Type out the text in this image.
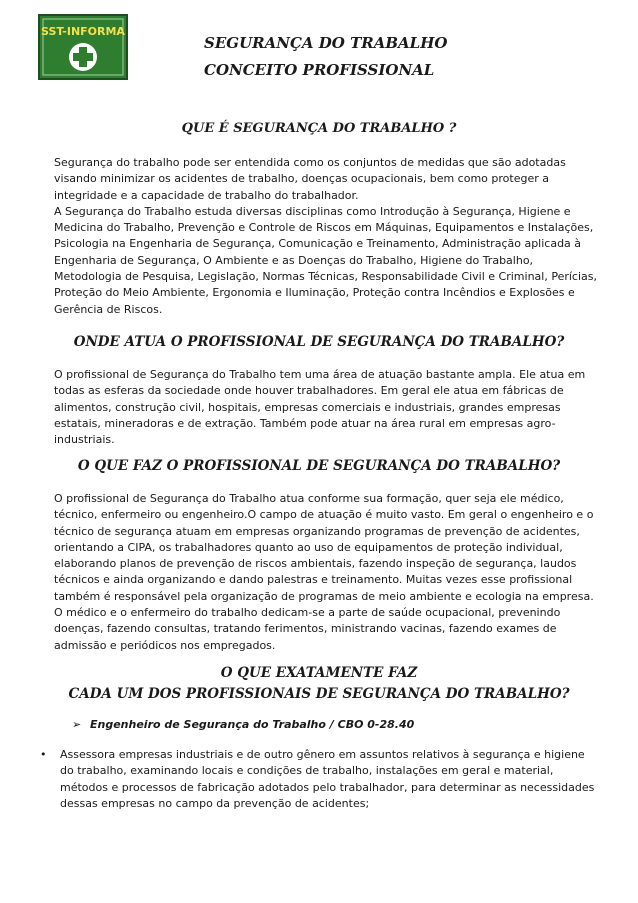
SST-INFORMA
SEGURANÇA DO TRABALHO
CONCEITO PROFISSIONAL
QUE É SEGURANÇA DO TRABALHO ?

Segurança do trabalho pode ser entendida como os conjuntos de medidas que são adotadas visando minimizar os acidentes de trabalho, doenças ocupacionais, bem como proteger a integridade e a capacidade de trabalho do trabalhador.
A Segurança do Trabalho estuda diversas disciplinas como Introdução à Segurança, Higiene e Medicina do Trabalho, Prevenção e Controle de Riscos em Máquinas, Equipamentos e Instalações, Psicologia na Engenharia de Segurança, Comunicação e Treinamento, Administração aplicada à Engenharia de Segurança, O Ambiente e as Doenças do Trabalho, Higiene do Trabalho, Metodologia de Pesquisa, Legislação, Normas Técnicas, Responsabilidade Civil e Criminal, Perícias, Proteção do Meio Ambiente, Ergonomia e Iluminação, Proteção contra Incêndios e Explosões e Gerência de Riscos.

ONDE ATUA O PROFISSIONAL DE SEGURANÇA DO TRABALHO?

O profissional de Segurança do Trabalho tem uma área de atuação bastante ampla. Ele atua em todas as esferas da sociedade onde houver trabalhadores. Em geral ele atua em fábricas de alimentos, construção civil, hospitais, empresas comerciais e industriais, grandes empresas estatais, mineradoras e de extração. Também pode atuar na área rural em empresas agro-industriais.

O QUE FAZ O PROFISSIONAL DE SEGURANÇA DO TRABALHO?

O profissional de Segurança do Trabalho atua conforme sua formação, quer seja ele médico, técnico, enfermeiro ou engenheiro.O campo de atuação é muito vasto. Em geral o engenheiro e o técnico de segurança atuam em empresas organizando programas de prevenção de acidentes, orientando a CIPA, os trabalhadores quanto ao uso de equipamentos de proteção individual, elaborando planos de prevenção de riscos ambientais, fazendo inspeção de segurança, laudos técnicos e ainda organizando e dando palestras e treinamento. Muitas vezes esse profissional também é responsável pela organização de programas de meio ambiente e ecologia na empresa.
O médico e o enfermeiro do trabalho dedicam-se a parte de saúde ocupacional, prevenindo doenças, fazendo consultas, tratando ferimentos, ministrando vacinas, fazendo exames de admissão e periódicos nos empregados.

O QUE EXATAMENTE FAZ
CADA UM DOS PROFISSIONAIS DE SEGURANÇA DO TRABALHO?
➢ Engenheiro de Segurança do Trabalho / CBO 0-28.40
•	Assessora empresas industriais e de outro gênero em assuntos relativos à segurança e higiene do trabalho, examinando locais e condições de trabalho, instalações em geral e material, métodos e processos de fabricação adotados pelo trabalhador, para determinar as necessidades dessas empresas no campo da prevenção de acidentes;
